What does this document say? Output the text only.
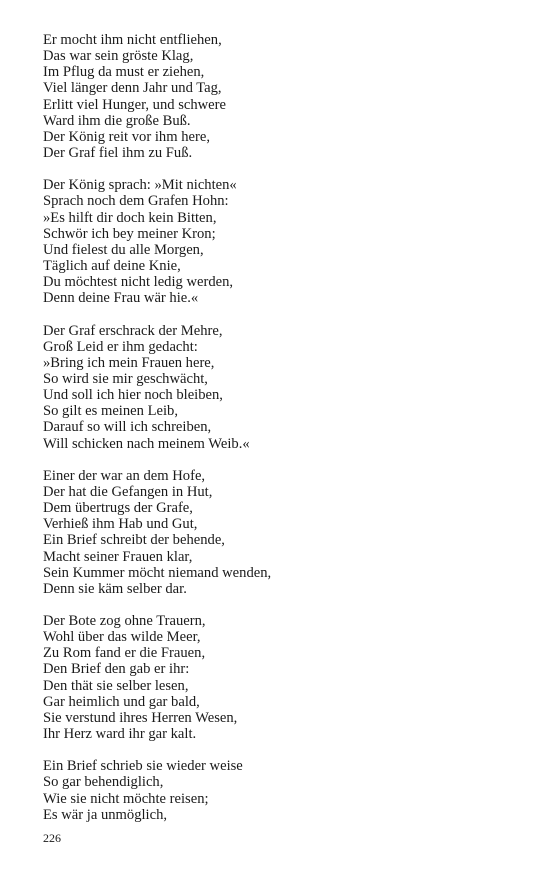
Er mocht ihm nicht entfliehen,
Das war sein gröste Klag,
Im Pflug da must er ziehen,
Viel länger denn Jahr und Tag,
Erlitt viel Hunger, und schwere
Ward ihm die große Buß.
Der König reit vor ihm here,
Der Graf fiel ihm zu Fuß.
Der König sprach: »Mit nichten«
Sprach noch dem Grafen Hohn:
»Es hilft dir doch kein Bitten,
Schwör ich bey meiner Kron;
Und fielest du alle Morgen,
Täglich auf deine Knie,
Du möchtest nicht ledig werden,
Denn deine Frau wär hie.«
Der Graf erschrack der Mehre,
Groß Leid er ihm gedacht:
»Bring ich mein Frauen here,
So wird sie mir geschwächt,
Und soll ich hier noch bleiben,
So gilt es meinen Leib,
Darauf so will ich schreiben,
Will schicken nach meinem Weib.«
Einer der war an dem Hofe,
Der hat die Gefangen in Hut,
Dem übertrugs der Grafe,
Verhieß ihm Hab und Gut,
Ein Brief schreibt der behende,
Macht seiner Frauen klar,
Sein Kummer möcht niemand wenden,
Denn sie käm selber dar.
Der Bote zog ohne Trauern,
Wohl über das wilde Meer,
Zu Rom fand er die Frauen,
Den Brief den gab er ihr:
Den thät sie selber lesen,
Gar heimlich und gar bald,
Sie verstund ihres Herren Wesen,
Ihr Herz ward ihr gar kalt.
Ein Brief schrieb sie wieder weise
So gar behendiglich,
Wie sie nicht möchte reisen;
Es wär ja unmöglich,
226
